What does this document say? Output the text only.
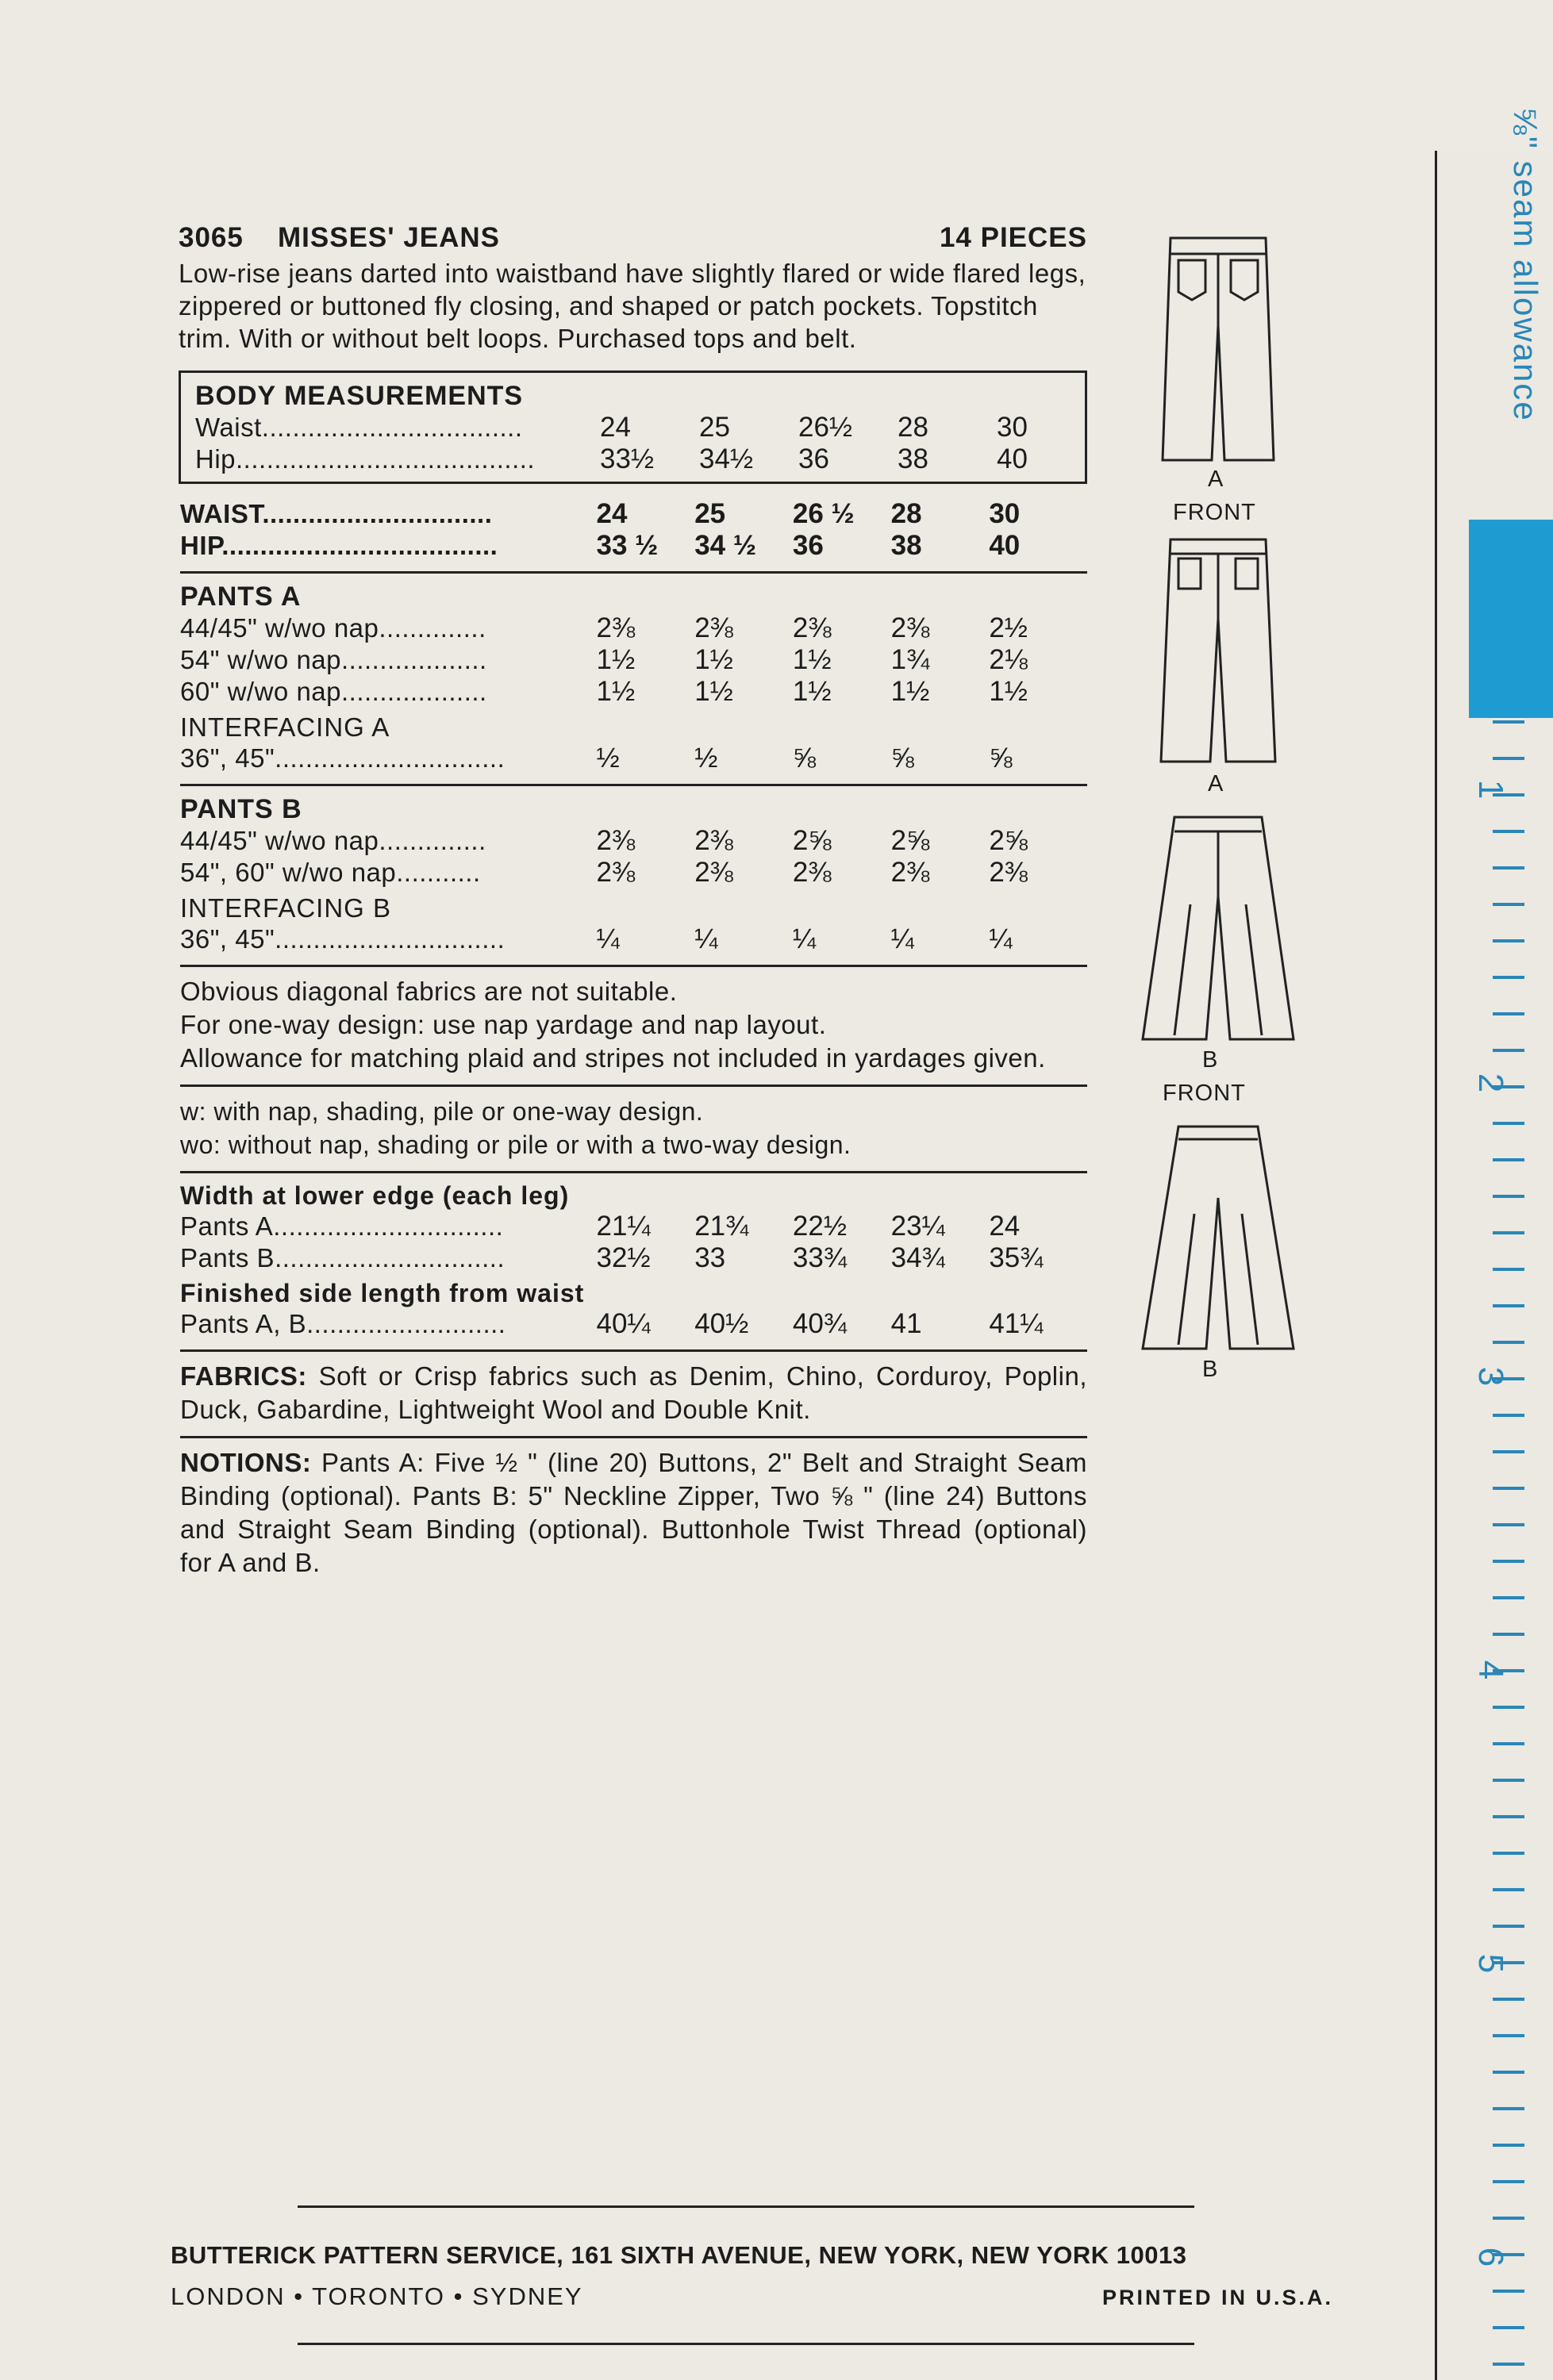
⅝" seam allowance
1
2
3
4
5
6
3065	MISSES' JEANS	14 PIECES
Low-rise jeans darted into waistband have slightly flared or wide flared legs, zippered or buttoned fly closing, and shaped or patch pockets. Topstitch trim. With or without belt loops. Purchased tops and belt.
BODY MEASUREMENTS
Waist..................................	24	25	26½	28	30
Hip.......................................	33½	34½	36	38	40
WAIST..............................	24	25	26 ½	28	30
HIP....................................	33 ½	34 ½	36	38	40
PANTS A
44/45" w/wo nap..............	2⅜	2⅜	2⅜	2⅜	2½
54" w/wo nap...................	1½	1½	1½	1¾	2⅛
60" w/wo nap...................	1½	1½	1½	1½	1½
INTERFACING A
36", 45"..............................	½	½	⅝	⅝	⅝
PANTS B
44/45" w/wo nap..............	2⅜	2⅜	2⅝	2⅝	2⅝
54", 60" w/wo nap...........	2⅜	2⅜	2⅜	2⅜	2⅜
INTERFACING B
36", 45"..............................	¼	¼	¼	¼	¼
Obvious diagonal fabrics are not suitable.
For one-way design: use nap yardage and nap layout.
Allowance for matching plaid and stripes not included in yardages given.
w: with nap, shading, pile or one-way design.
wo: without nap, shading or pile or with a two-way design.
Width at lower edge (each leg)
Pants A..............................	21¼	21¾	22½	23¼	24
Pants B..............................	32½	33	33¾	34¾	35¾
Finished side length from waist
Pants A, B..........................	40¼	40½	40¾	41	41¼
FABRICS: Soft or Crisp fabrics such as Denim, Chino, Corduroy, Poplin, Duck, Gabardine, Lightweight Wool and Double Knit.
NOTIONS: Pants A: Five ½ " (line 20) Buttons, 2" Belt and Straight Seam Binding (optional). Pants B: 5" Neckline Zipper, Two ⅝ " (line 24) Buttons and Straight Seam Binding (optional). Buttonhole Twist Thread (optional) for A and B.
A
FRONT
A
B
FRONT
B
BUTTERICK PATTERN SERVICE, 161 SIXTH AVENUE, NEW YORK, NEW YORK 10013
LONDON • TORONTO • SYDNEY	PRINTED IN U.S.A.
